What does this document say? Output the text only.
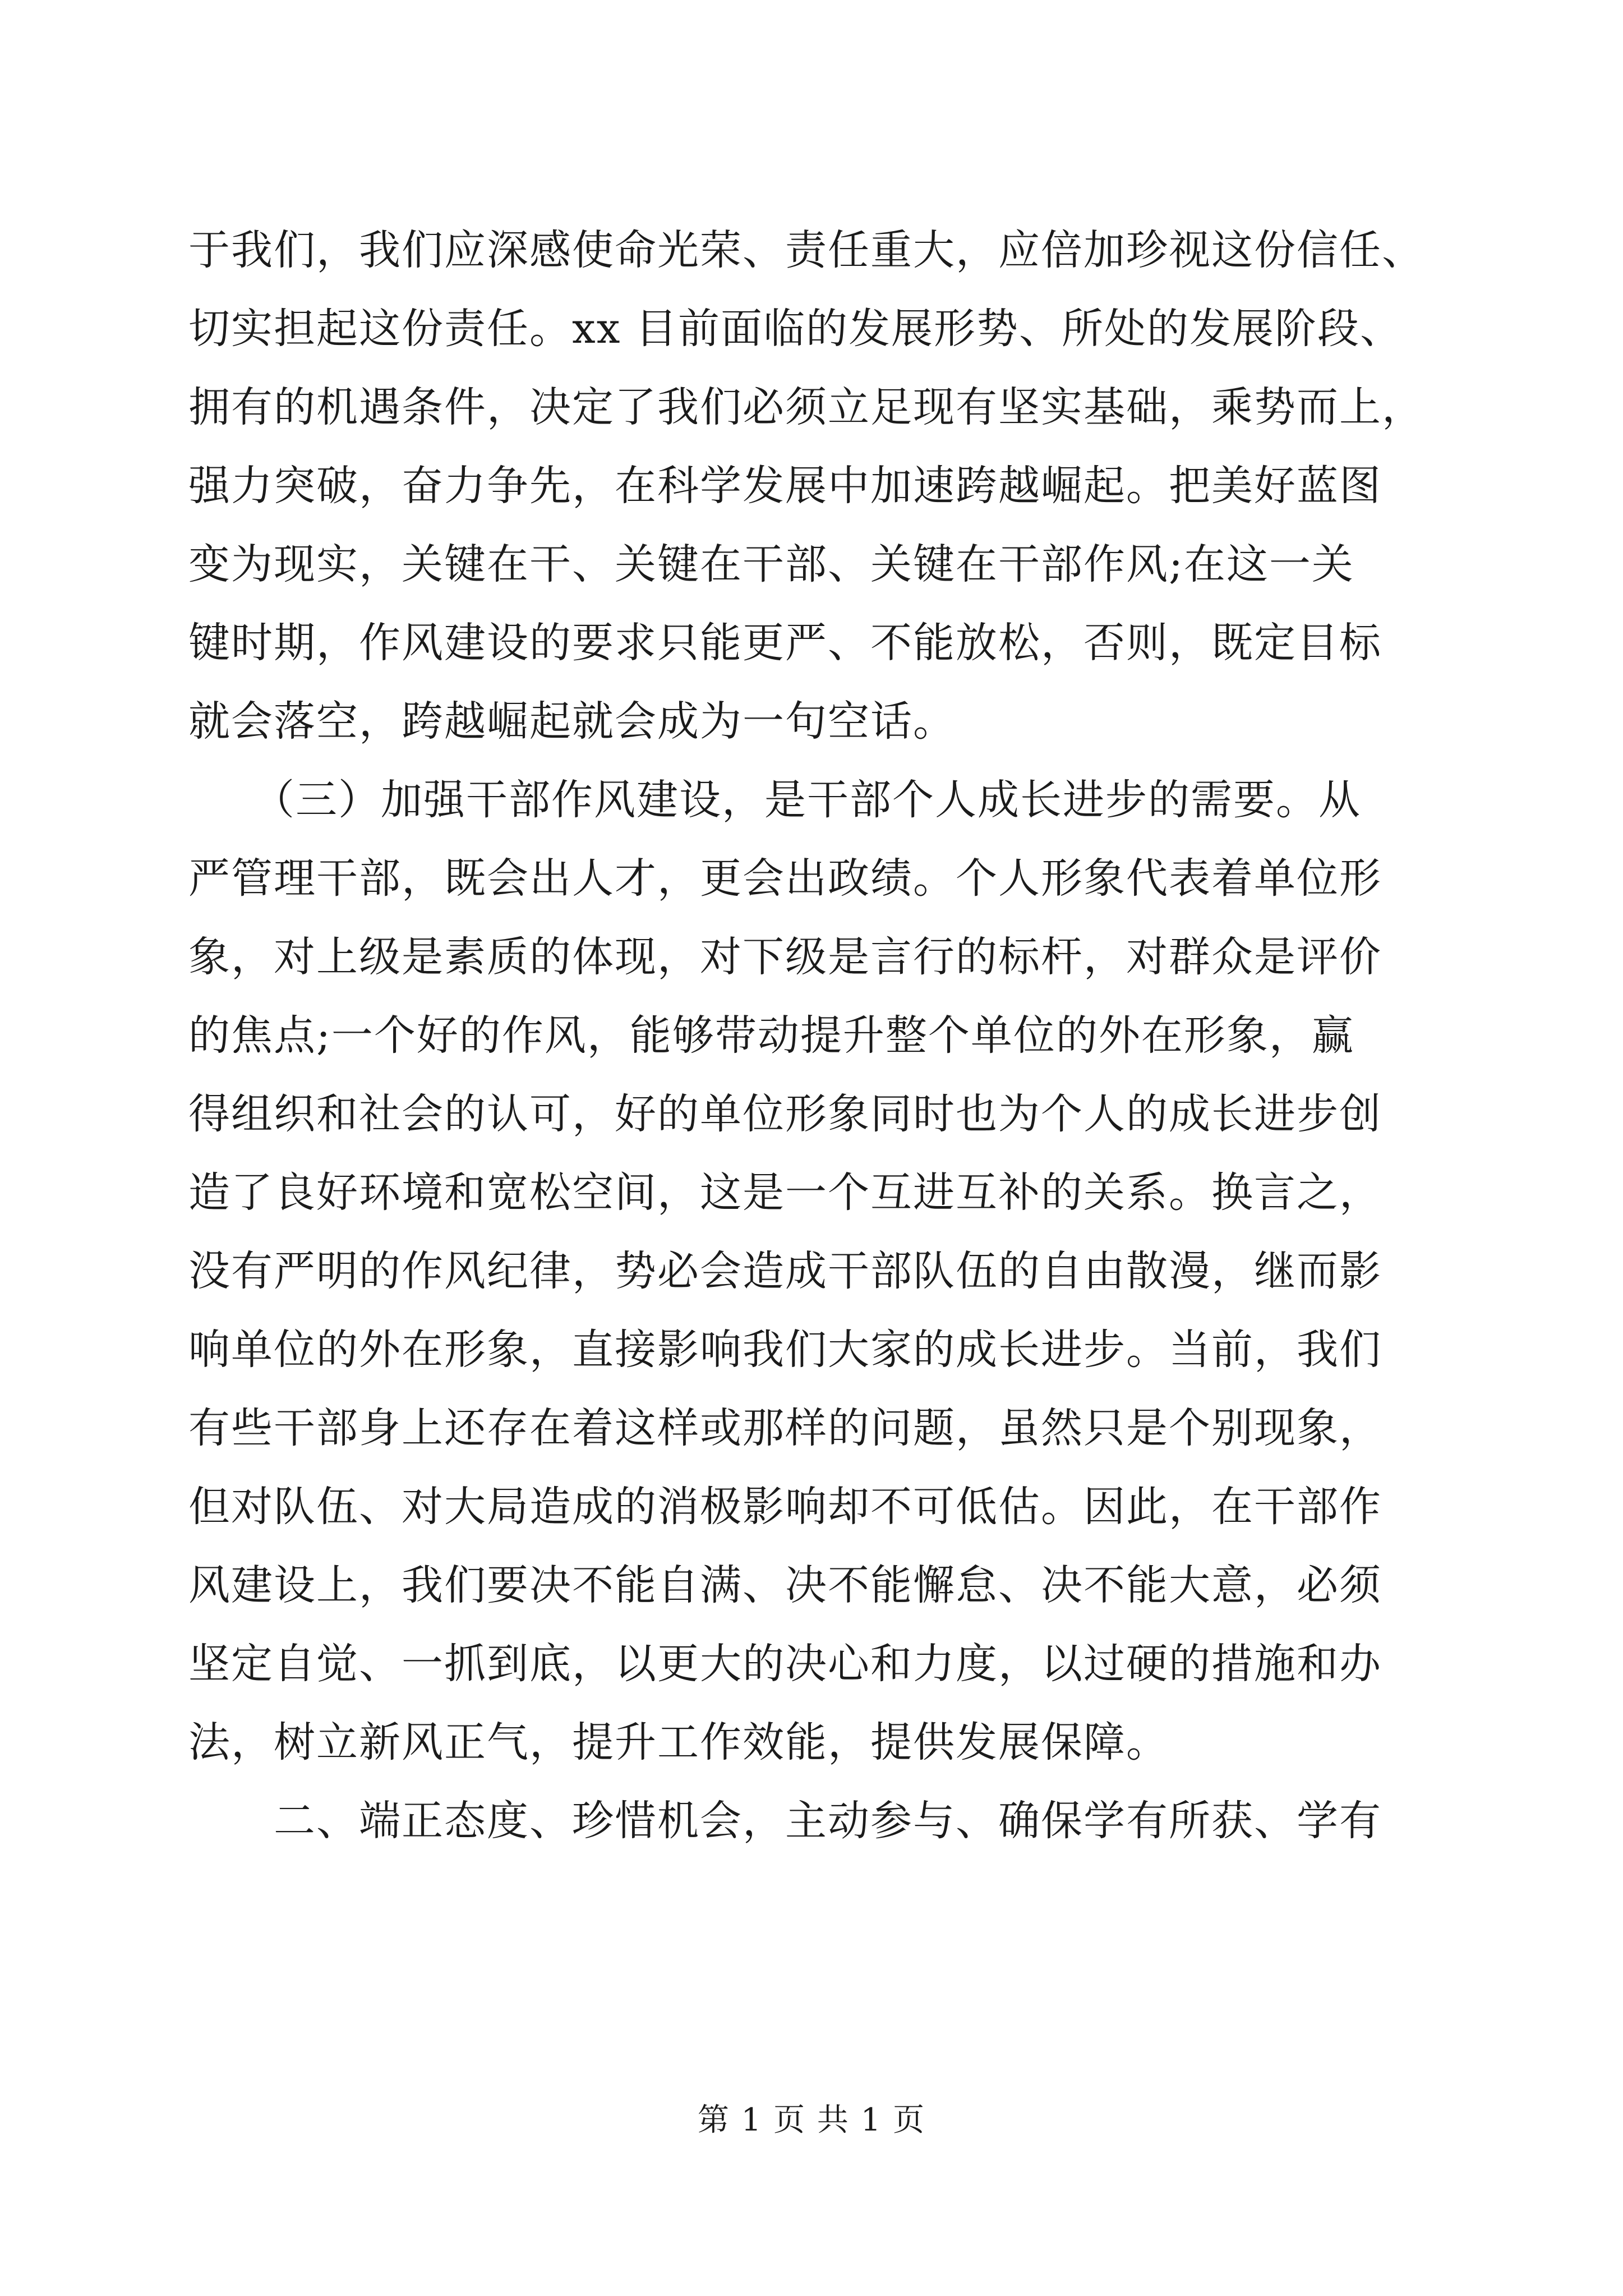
于我们，我们应深感使命光荣、责任重大，应倍加珍视这份信任、

切实担起这份责任。xx 目前面临的发展形势、所处的发展阶段、

拥有的机遇条件，决定了我们必须立足现有坚实基础，乘势而上，

强力突破，奋力争先，在科学发展中加速跨越崛起。把美好蓝图

变为现实，关键在干、关键在干部、关键在干部作风;在这一关

键时期，作风建设的要求只能更严、不能放松，否则，既定目标

就会落空，跨越崛起就会成为一句空话。

　　（三）加强干部作风建设，是干部个人成长进步的需要。从

严管理干部，既会出人才，更会出政绩。个人形象代表着单位形

象，对上级是素质的体现，对下级是言行的标杆，对群众是评价

的焦点;一个好的作风，能够带动提升整个单位的外在形象，赢

得组织和社会的认可，好的单位形象同时也为个人的成长进步创

造了良好环境和宽松空间，这是一个互进互补的关系。换言之，

没有严明的作风纪律，势必会造成干部队伍的自由散漫，继而影

响单位的外在形象，直接影响我们大家的成长进步。当前，我们

有些干部身上还存在着这样或那样的问题，虽然只是个别现象，

但对队伍、对大局造成的消极影响却不可低估。因此，在干部作

风建设上，我们要决不能自满、决不能懈怠、决不能大意，必须

坚定自觉、一抓到底，以更大的决心和力度，以过硬的措施和办

法，树立新风正气，提升工作效能，提供发展保障。

　　二、端正态度、珍惜机会，主动参与、确保学有所获、学有

第 1 页 共 1 页
